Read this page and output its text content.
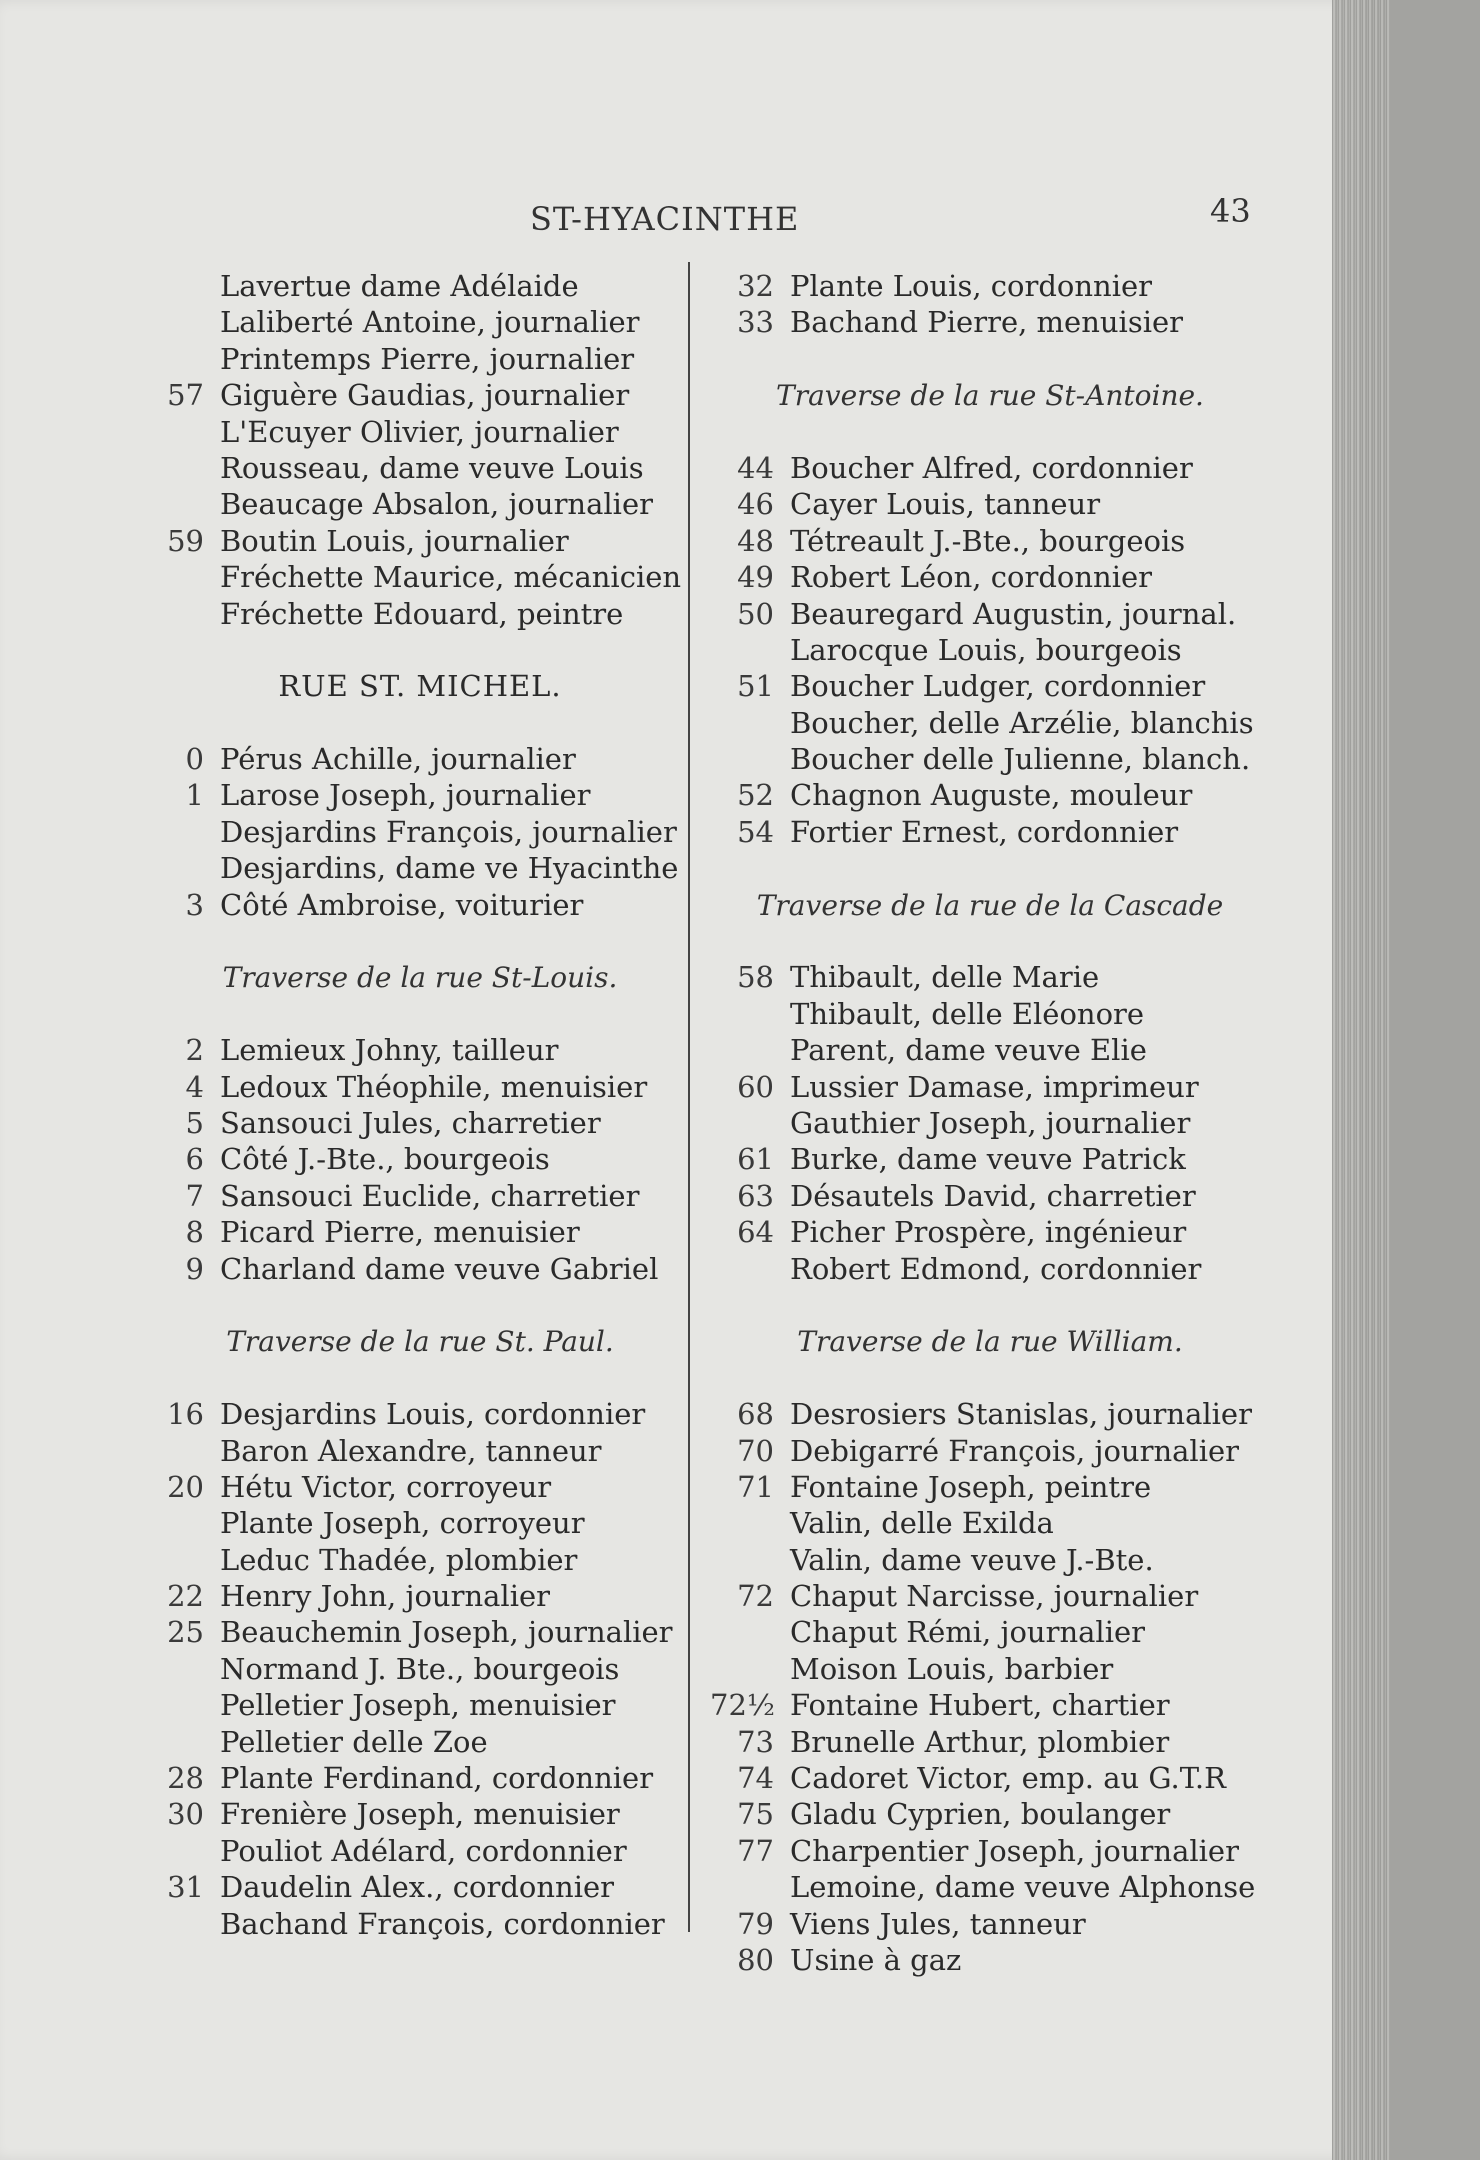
ST-HYACINTHE	43
Lavertue dame Adélaide
Laliberté Antoine, journalier
Printemps Pierre, journalier
57 Giguère Gaudias, journalier
L'Ecuyer Olivier, journalier
Rousseau, dame veuve Louis
Beaucage Absalon, journalier
59 Boutin Louis, journalier
Fréchette Maurice, mécanicien
Fréchette Edouard, peintre
RUE ST. MICHEL.
0 Pérus Achille, journalier
1 Larose Joseph, journalier
Desjardins François, journalier
Desjardins, dame ve Hyacinthe
3 Côté Ambroise, voiturier
Traverse de la rue St-Louis.
2 Lemieux Johny, tailleur
4 Ledoux Théophile, menuisier
5 Sansouci Jules, charretier
6 Côté J.-Bte., bourgeois
7 Sansouci Euclide, charretier
8 Picard Pierre, menuisier
9 Charland dame veuve Gabriel
Traverse de la rue St. Paul.
16 Desjardins Louis, cordonnier
Baron Alexandre, tanneur
20 Hétu Victor, corroyeur
Plante Joseph, corroyeur
Leduc Thadée, plombier
22 Henry John, journalier
25 Beauchemin Joseph, journalier
Normand J. Bte., bourgeois
Pelletier Joseph, menuisier
Pelletier delle Zoe
28 Plante Ferdinand, cordonnier
30 Frenière Joseph, menuisier
Pouliot Adélard, cordonnier
31 Daudelin Alex., cordonnier
Bachand François, cordonnier
32 Plante Louis, cordonnier
33 Bachand Pierre, menuisier
Traverse de la rue St-Antoine.
44 Boucher Alfred, cordonnier
46 Cayer Louis, tanneur
48 Tétreault J.-Bte., bourgeois
49 Robert Léon, cordonnier
50 Beauregard Augustin, journal.
Larocque Louis, bourgeois
51 Boucher Ludger, cordonnier
Boucher, delle Arzélie, blanchis
Boucher delle Julienne, blanch.
52 Chagnon Auguste, mouleur
54 Fortier Ernest, cordonnier
Traverse de la rue de la Cascade
58 Thibault, delle Marie
Thibault, delle Eléonore
Parent, dame veuve Elie
60 Lussier Damase, imprimeur
Gauthier Joseph, journalier
61 Burke, dame veuve Patrick
63 Désautels David, charretier
64 Picher Prospère, ingénieur
Robert Edmond, cordonnier
Traverse de la rue William.
68 Desrosiers Stanislas, journalier
70 Debigarré François, journalier
71 Fontaine Joseph, peintre
Valin, delle Exilda
Valin, dame veuve J.-Bte.
72 Chaput Narcisse, journalier
Chaput Rémi, journalier
Moison Louis, barbier
72½ Fontaine Hubert, chartier
73 Brunelle Arthur, plombier
74 Cadoret Victor, emp. au G.T.R
75 Gladu Cyprien, boulanger
77 Charpentier Joseph, journalier
Lemoine, dame veuve Alphonse
79 Viens Jules, tanneur
80 Usine à gaz
